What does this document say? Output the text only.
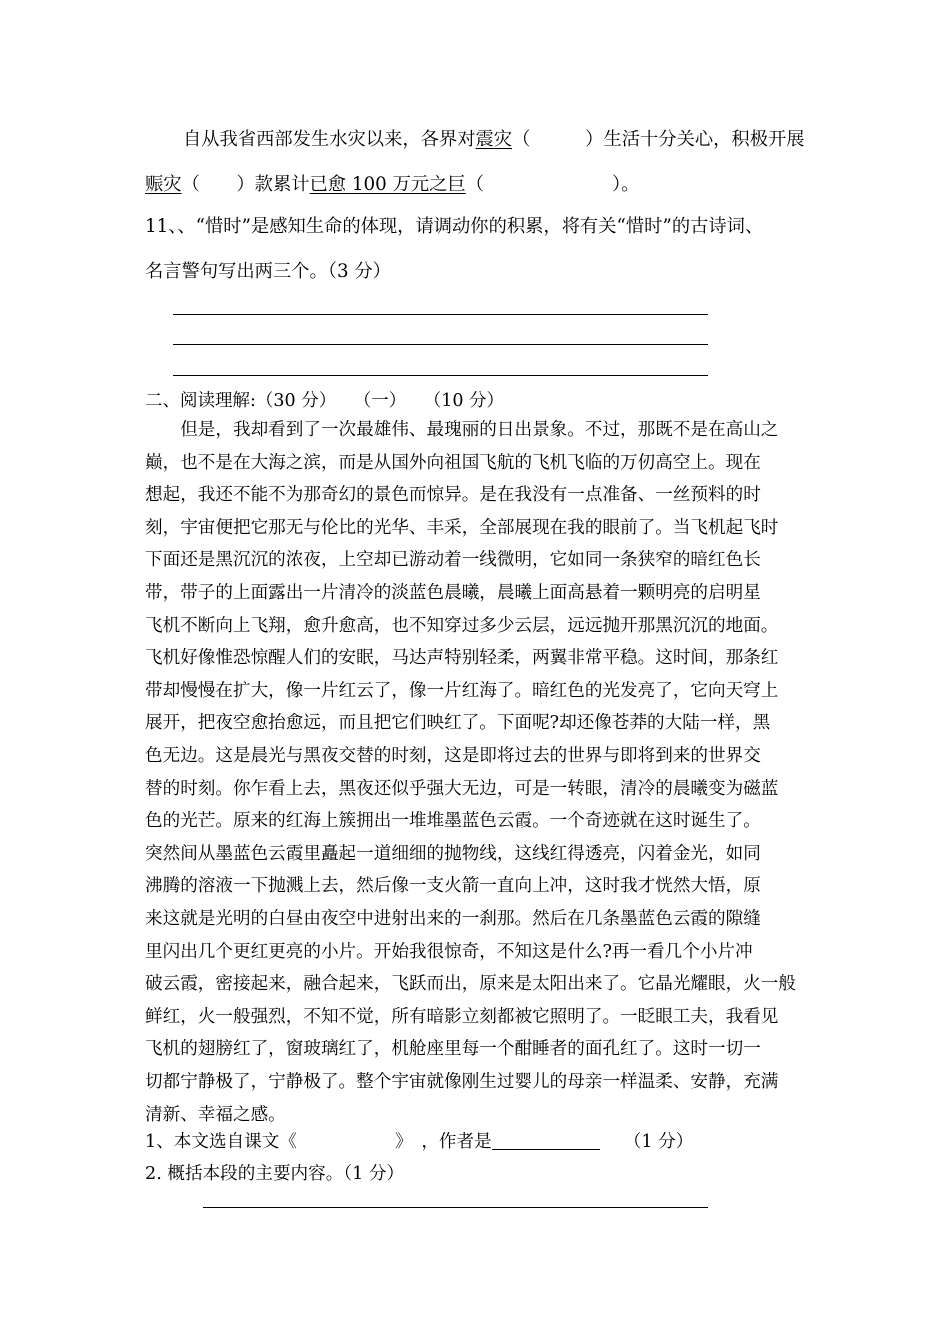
自从我省西部发生水灾以来，各界对震灾（　　　）生活十分关心，积极开展
赈灾（　　）款累计已愈 100 万元之巨（　　　　　　　）。
11、、“惜时”是感知生命的体现，请调动你的积累，将有关“惜时”的古诗词、
名言警句写出两三个。（3 分）
二、阅读理解:（30 分）　　（一）　　（10 分）
　　但是，我却看到了一次最雄伟、最瑰丽的日出景象。不过，那既不是在高山之
巅，也不是在大海之滨，而是从国外向祖国飞航的飞机飞临的万仞高空上。现在
想起，我还不能不为那奇幻的景色而惊异。是在我没有一点准备、一丝预料的时
刻，宇宙便把它那无与伦比的光华、丰采，全部展现在我的眼前了。当飞机起飞时
下面还是黑沉沉的浓夜，上空却已游动着一线微明，它如同一条狭窄的暗红色长
带，带子的上面露出一片清冷的淡蓝色晨曦，晨曦上面高悬着一颗明亮的启明星
飞机不断向上飞翔，愈升愈高，也不知穿过多少云层，远远抛开那黑沉沉的地面。
飞机好像惟恐惊醒人们的安眠，马达声特别轻柔，两翼非常平稳。这时间，那条红
带却慢慢在扩大，像一片红云了，像一片红海了。暗红色的光发亮了，它向天穹上
展开，把夜空愈抬愈远，而且把它们映红了。下面呢?却还像苍莽的大陆一样，黑
色无边。这是晨光与黑夜交替的时刻，这是即将过去的世界与即将到来的世界交
替的时刻。你乍看上去，黑夜还似乎强大无边，可是一转眼，清冷的晨曦变为磁蓝
色的光芒。原来的红海上簇拥出一堆堆墨蓝色云霞。一个奇迹就在这时诞生了。
突然间从墨蓝色云霞里矗起一道细细的抛物线，这线红得透亮，闪着金光，如同
沸腾的溶液一下抛溅上去，然后像一支火箭一直向上冲，这时我才恍然大悟，原
来这就是光明的白昼由夜空中进射出来的一刹那。然后在几条墨蓝色云霞的隙缝
里闪出几个更红更亮的小片。开始我很惊奇，不知这是什么?再一看几个小片冲
破云霞，密接起来，融合起来，飞跃而出，原来是太阳出来了。它晶光耀眼，火一般
鲜红，火一般强烈，不知不觉，所有暗影立刻都被它照明了。一眨眼工夫，我看见
飞机的翅膀红了，窗玻璃红了，机舱座里每一个酣睡者的面孔红了。这时一切一
切都宁静极了，宁静极了。整个宇宙就像刚生过婴儿的母亲一样温柔、安静，充满
清新、幸福之感。
1、本文选自课文《	》　，作者是	（1 分）
2. 概括本段的主要内容。（1 分）
